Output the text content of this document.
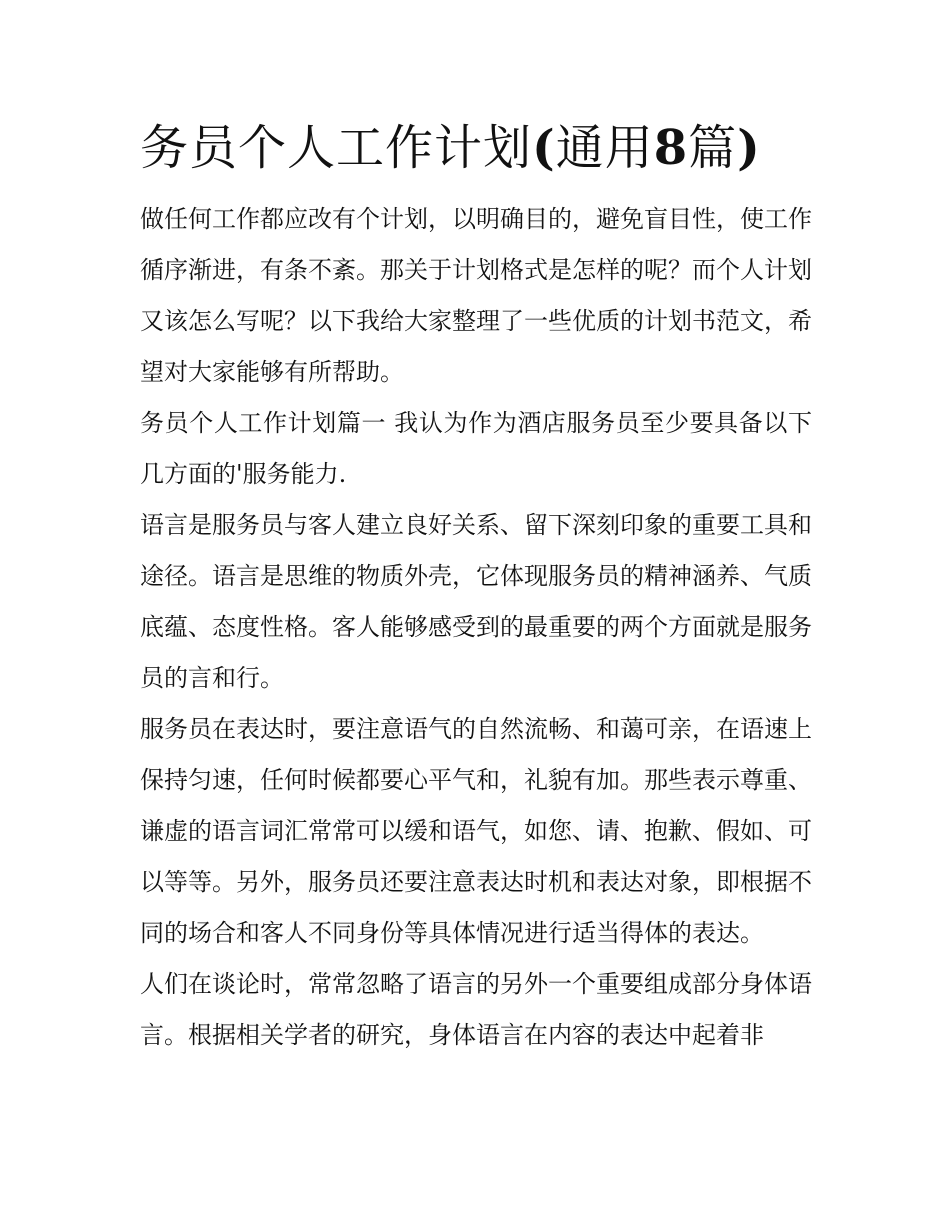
务员个人工作计划(通用8篇)

做任何工作都应改有个计划，以明确目的，避免盲目性，使工作循序渐进，有条不紊。那关于计划格式是怎样的呢？而个人计划又该怎么写呢？以下我给大家整理了一些优质的计划书范文，希望对大家能够有所帮助。

务员个人工作计划篇一 我认为作为酒店服务员至少要具备以下几方面的'服务能力.

语言是服务员与客人建立良好关系、留下深刻印象的重要工具和途径。语言是思维的物质外壳，它体现服务员的精神涵养、气质底蕴、态度性格。客人能够感受到的最重要的两个方面就是服务员的言和行。

服务员在表达时，要注意语气的自然流畅、和蔼可亲，在语速上保持匀速，任何时候都要心平气和，礼貌有加。那些表示尊重、谦虚的语言词汇常常可以缓和语气，如您、请、抱歉、假如、可以等等。另外，服务员还要注意表达时机和表达对象，即根据不同的场合和客人不同身份等具体情况进行适当得体的表达。

人们在谈论时，常常忽略了语言的另外一个重要组成部分身体语言。根据相关学者的研究，身体语言在内容的表达中起着非
